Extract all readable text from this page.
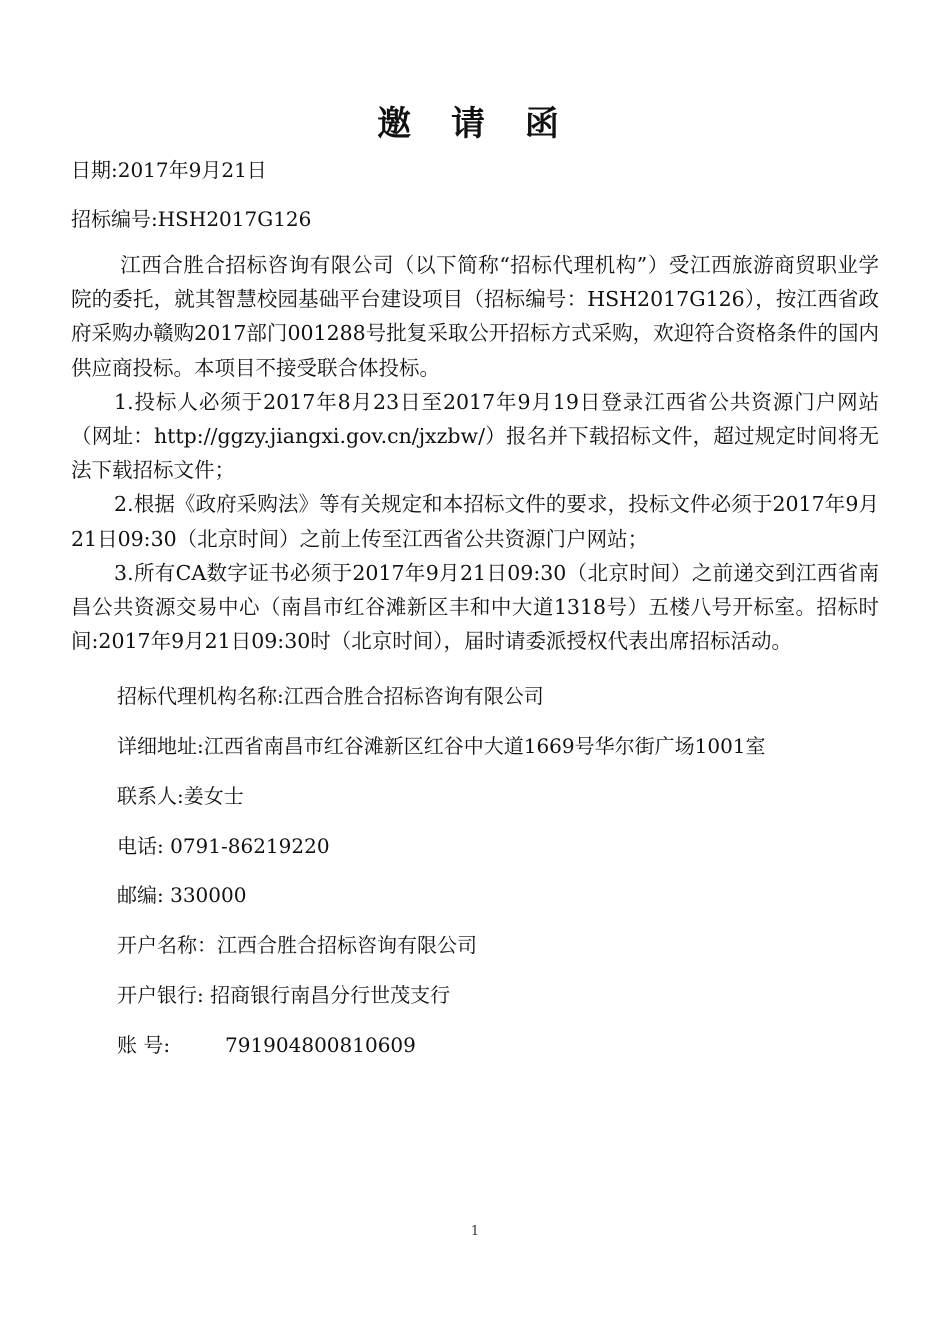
邀 请 函
日期:2017年9月21日
招标编号:HSH2017G126

江西合胜合招标咨询有限公司（以下简称“招标代理机构”）受江西旅游商贸职业学院的委托，就其智慧校园基础平台建设项目（招标编号：HSH2017G126），按江西省政府采购办赣购2017部门001288号批复采取公开招标方式采购，欢迎符合资格条件的国内供应商投标。本项目不接受联合体投标。

1.投标人必须于2017年8月23日至2017年9月19日登录江西省公共资源门户网站（网址：http://ggzy.jiangxi.gov.cn/jxzbw/）报名并下载招标文件，超过规定时间将无法下载招标文件；

2.根据《政府采购法》等有关规定和本招标文件的要求，投标文件必须于2017年9月21日09:30（北京时间）之前上传至江西省公共资源门户网站；

3.所有CA数字证书必须于2017年9月21日09:30（北京时间）之前递交到江西省南昌公共资源交易中心（南昌市红谷滩新区丰和中大道1318号）五楼八号开标室。招标时间:2017年9月21日09:30时（北京时间），届时请委派授权代表出席招标活动。

招标代理机构名称:江西合胜合招标咨询有限公司
详细地址:江西省南昌市红谷滩新区红谷中大道1669号华尔街广场1001室
联系人:姜女士
电话: 0791-86219220
邮编: 330000
开户名称：江西合胜合招标咨询有限公司
开户银行: 招商银行南昌分行世茂支行
账 号:	791904800810609
1
